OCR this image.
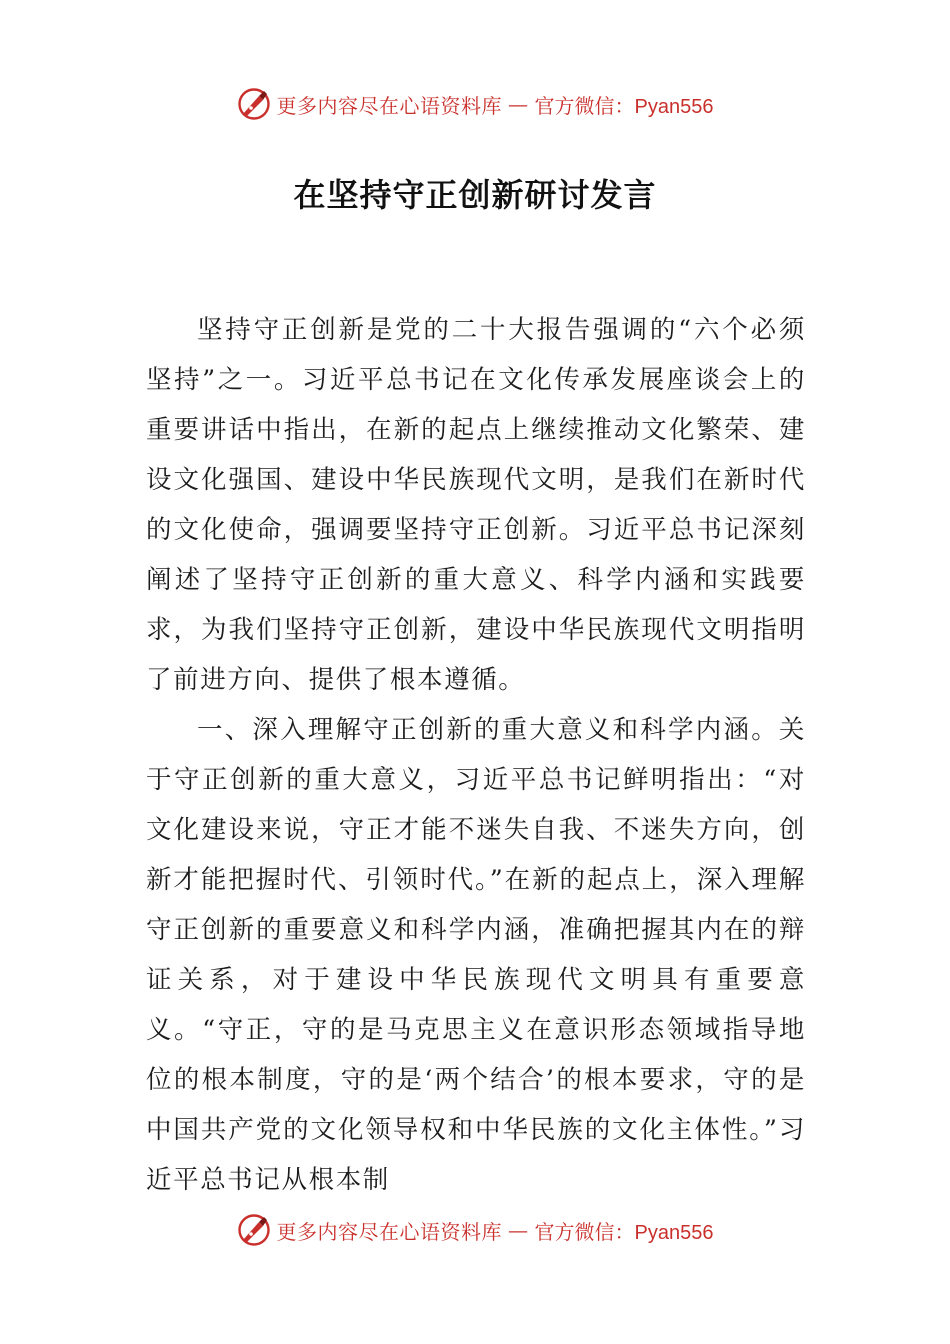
更多内容尽在心语资料库 — 官方微信：Pyan556
在坚持守正创新研讨发言

坚持守正创新是党的二十大报告强调的“六个必须坚持”之一。习近平总书记在文化传承发展座谈会上的重要讲话中指出，在新的起点上继续推动文化繁荣、建设文化强国、建设中华民族现代文明，是我们在新时代的文化使命，强调要坚持守正创新。习近平总书记深刻阐述了坚持守正创新的重大意义、科学内涵和实践要求，为我们坚持守正创新，建设中华民族现代文明指明了前进方向、提供了根本遵循。

一、深入理解守正创新的重大意义和科学内涵。关于守正创新的重大意义，习近平总书记鲜明指出：“对文化建设来说，守正才能不迷失自我、不迷失方向，创新才能把握时代、引领时代。”在新的起点上，深入理解守正创新的重要意义和科学内涵，准确把握其内在的辩证关系，对于建设中华民族现代文明具有重要意义。“守正，守的是马克思主义在意识形态领域指导地位的根本制度，守的是‘两个结合’的根本要求，守的是中国共产党的文化领导权和中华民族的文化主体性。”习近平总书记从根本制

更多内容尽在心语资料库 — 官方微信：Pyan556
